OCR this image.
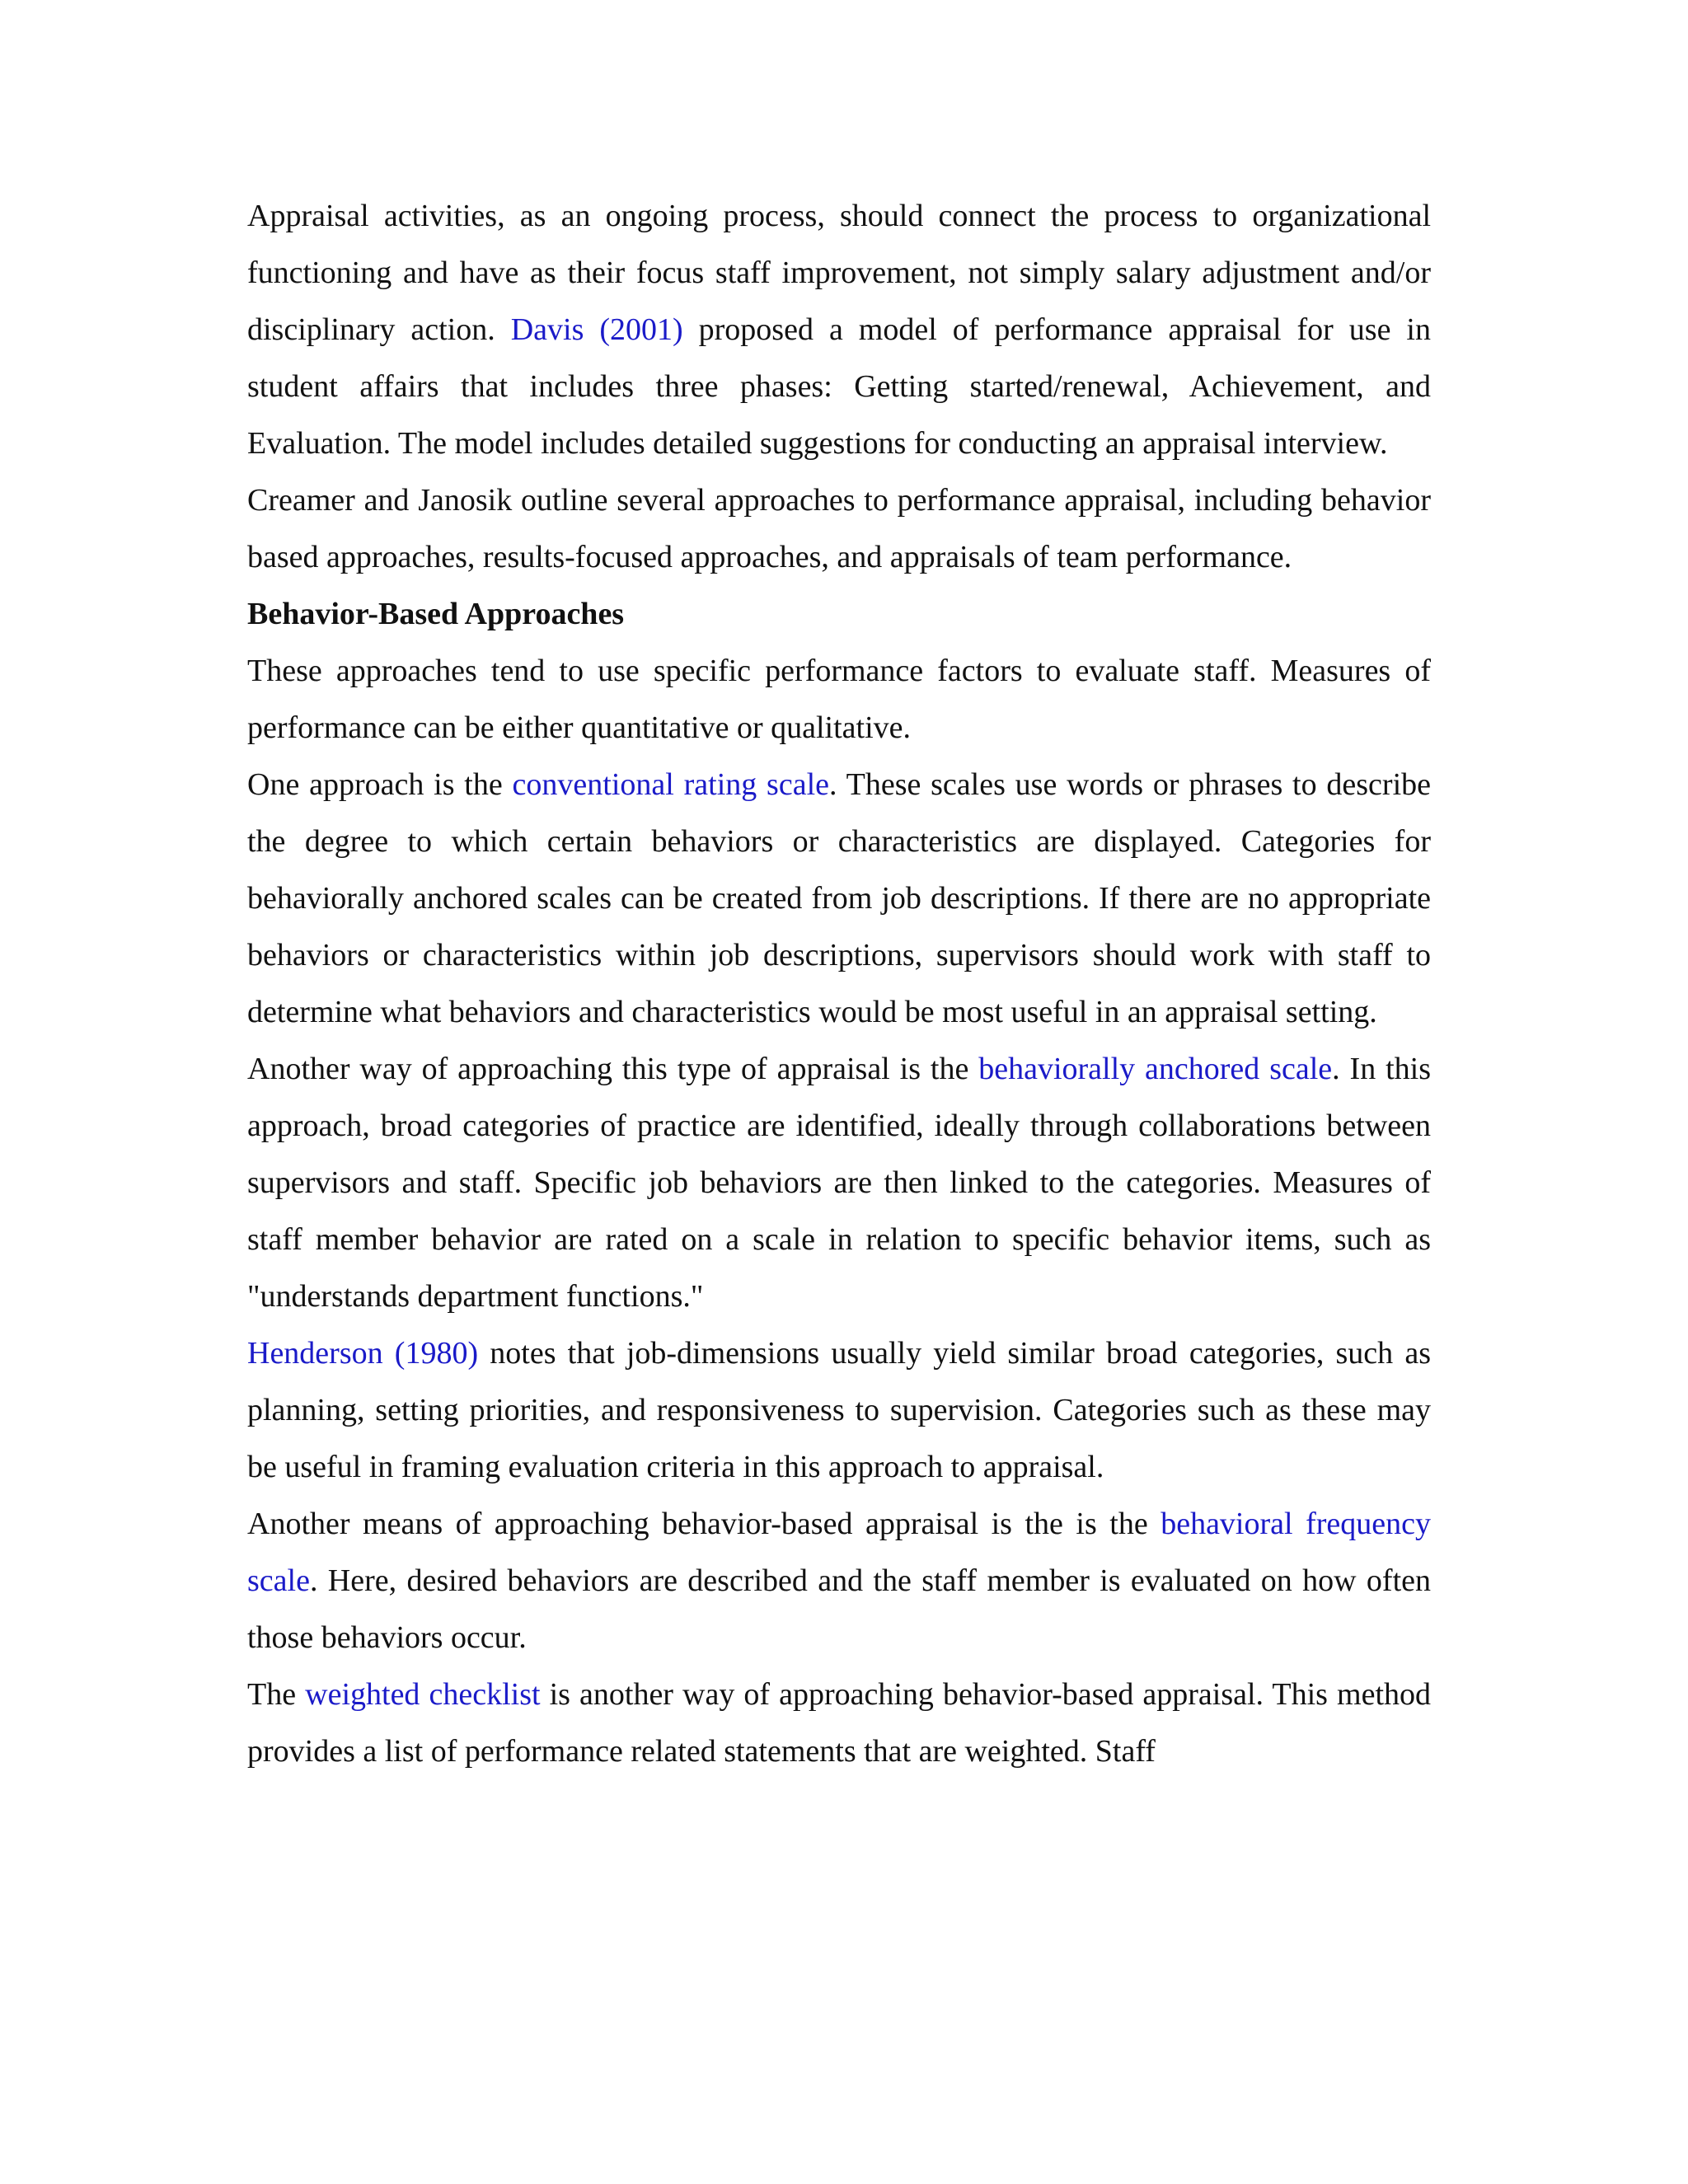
Appraisal activities, as an ongoing process, should connect the process to organizational functioning and have as their focus staff improvement, not simply salary adjustment and/or disciplinary action. Davis (2001) proposed a model of performance appraisal for use in student affairs that includes three phases: Getting started/renewal, Achievement, and Evaluation. The model includes detailed suggestions for conducting an appraisal interview.

Creamer and Janosik outline several approaches to performance appraisal, including behavior based approaches, results-focused approaches, and appraisals of team performance.

Behavior-Based Approaches

These approaches tend to use specific performance factors to evaluate staff. Measures of performance can be either quantitative or qualitative.

One approach is the conventional rating scale. These scales use words or phrases to describe the degree to which certain behaviors or characteristics are displayed. Categories for behaviorally anchored scales can be created from job descriptions. If there are no appropriate behaviors or characteristics within job descriptions, supervisors should work with staff to determine what behaviors and characteristics would be most useful in an appraisal setting.

Another way of approaching this type of appraisal is the behaviorally anchored scale. In this approach, broad categories of practice are identified, ideally through collaborations between supervisors and staff. Specific job behaviors are then linked to the categories. Measures of staff member behavior are rated on a scale in relation to specific behavior items, such as "understands department functions."

Henderson (1980) notes that job-dimensions usually yield similar broad categories, such as planning, setting priorities, and responsiveness to supervision. Categories such as these may be useful in framing evaluation criteria in this approach to appraisal.

Another means of approaching behavior-based appraisal is the is the behavioral frequency scale. Here, desired behaviors are described and the staff member is evaluated on how often those behaviors occur.

The weighted checklist is another way of approaching behavior-based appraisal. This method provides a list of performance related statements that are weighted. Staff
